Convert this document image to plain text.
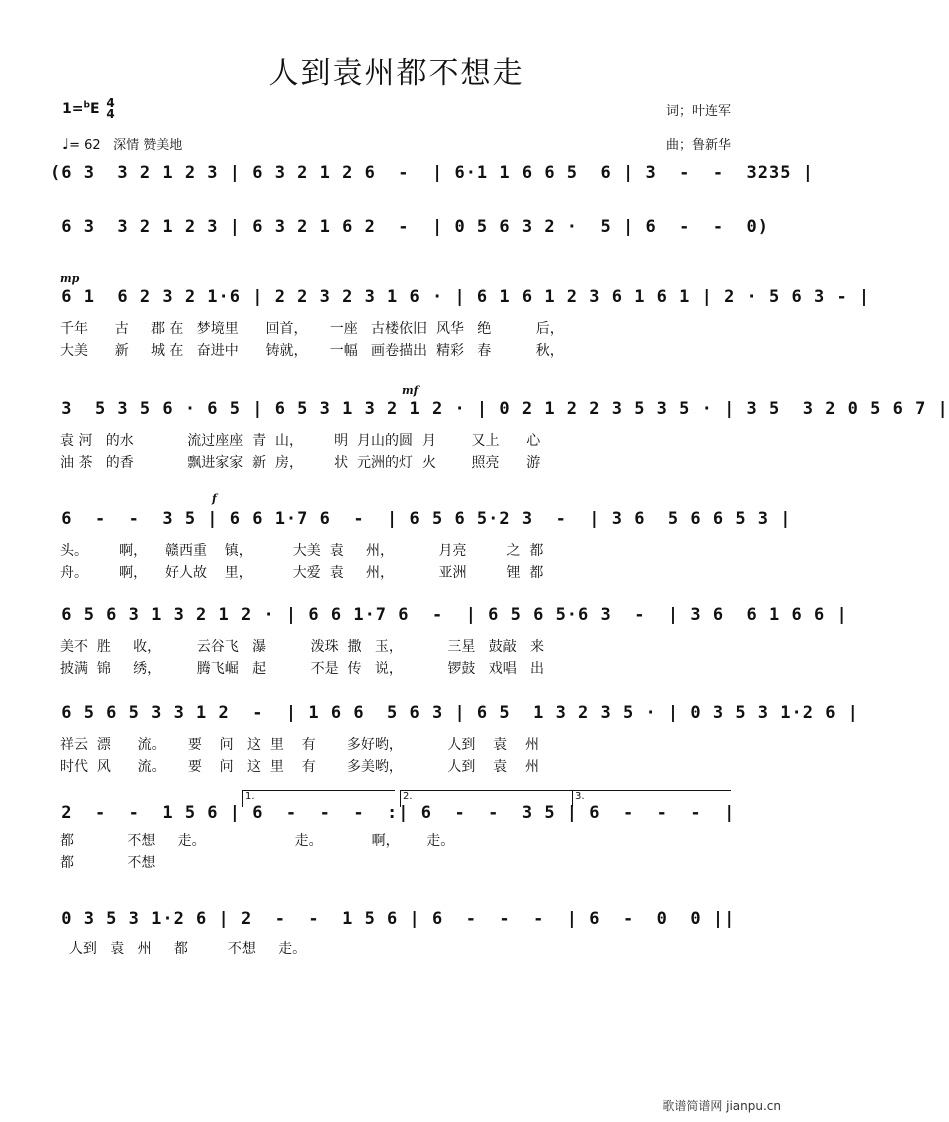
人到袁州都不想走
1=$^b$E 4
4
♩= 62 深情 赞美地
词；叶连军
曲；鲁新华
(6 3  3 2 1 2 3 | 6 3 2 1 2 6  -  | 6·1 1 6 6 5  6 | 3  -  -  3235 |
6 3  3 2 1 2 3 | 6 3 2 1 6 2  -  | 0 5 6 3 2 ·  5 | 6  -  -  0)
mp
6 1  6 2 3 2 1·6 | 2 2 3 2 3 1 6 · | 6 1 6 1 2 3 6 1 6 1 | 2 · 5 6 3 - |
千年      古     郡 在   梦境里      回首，     一座   古楼依旧  风华   绝          后，
大美      新     城 在   奋进中      铸就，     一幅   画卷描出  精彩   春          秋，
mf
3  5 3 5 6 · 6 5 | 6 5 3 1 3 2 1 2 · | 0 2 1 2 2 3 5 3 5 · | 3 5  3 2 0 5 6 7 |
袁 河   的水            流过座座  青  山，       明  月山的圆  月        又上      心
油 茶   的香            飘进家家  新  房，       状  元洲的灯  火        照亮      游
f
6  -  -  3 5 | 6 6 1·7 6  -  | 6 5 6 5·2 3  -  | 3 6  5 6 6 5 3 |
头。       啊，    赣西重    镇，         大美  袁     州，          月亮         之  都
舟。       啊，    好人故    里，         大爱  袁     州，          亚洲         锂  都
6 5 6 3 1 3 2 1 2 · | 6 6 1·7 6  -  | 6 5 6 5·6 3  -  | 3 6  6 1 6 6 |
美不  胜     收，        云谷飞   瀑          泼珠  撒   玉，          三星   鼓敲   来
披满  锦     绣，        腾飞崛   起          不是  传   说，          锣鼓   戏唱   出
6 5 6 5 3 3 1 2  -  | 1 6 6  5 6 3 | 6 5  1 3 2 3 5 · | 0 3 5 3 1·2 6 |
祥云  漂      流。     要    问   这  里    有       多好哟，          人到    袁    州
时代  风      流。     要    问   这  里    有       多美哟，          人到    袁    州
1.	2.	3.
2  -  -  1 5 6 | 6  -  -  -  :| 6  -  -  3 5 | 6  -  -  -  |
都            不想     走。                    走。           啊，      走。
都            不想
0 3 5 3 1·2 6 | 2  -  -  1 5 6 | 6  -  -  -  | 6  -  0  0 ||
人到   袁   州     都         不想     走。
歌谱简谱网 jianpu.cn
